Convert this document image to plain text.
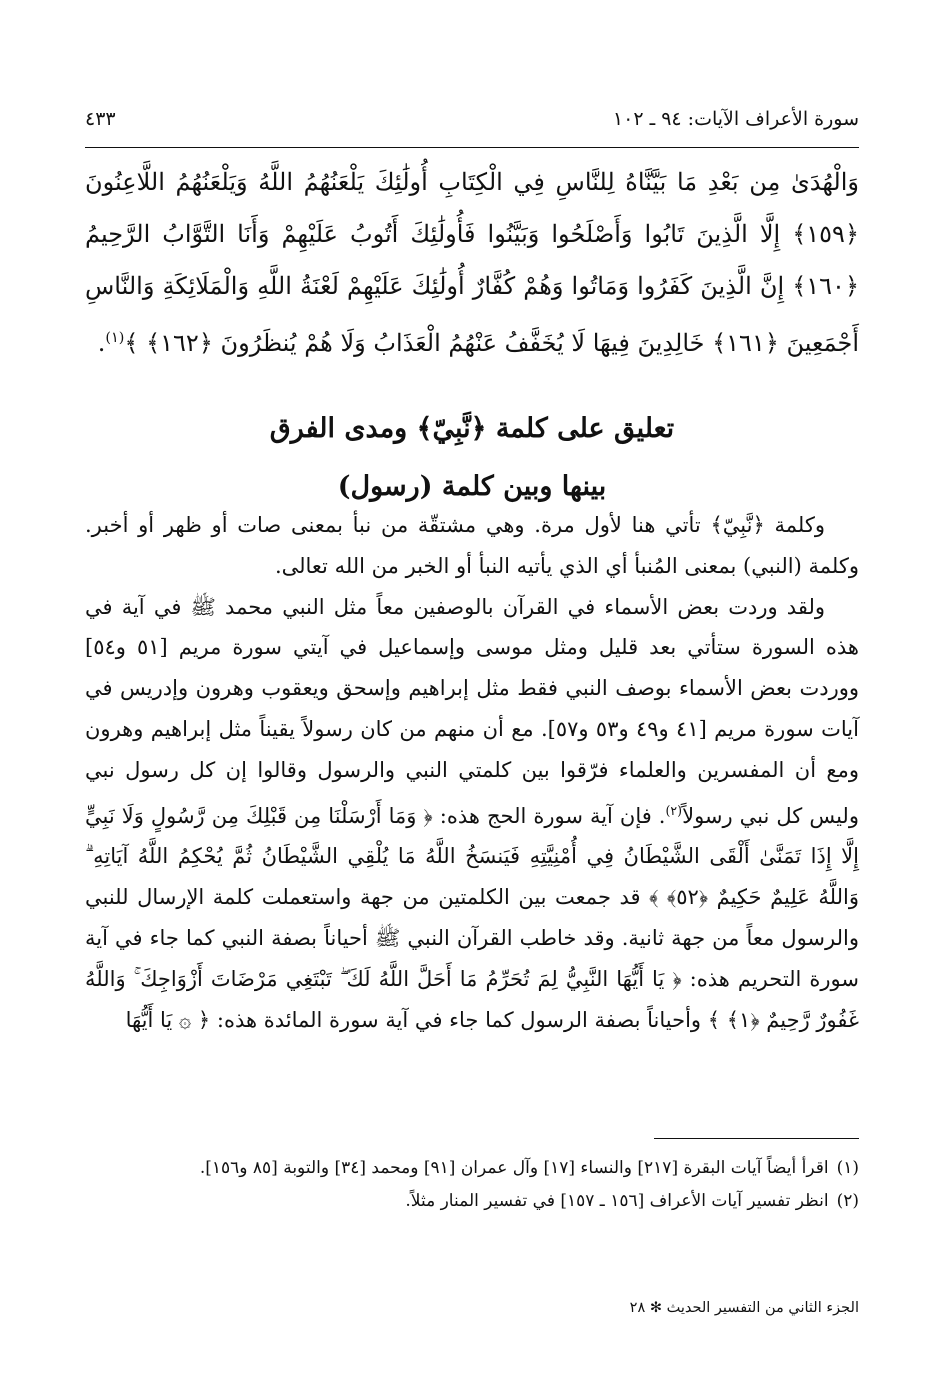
سورة الأعراف الآيات: ٩٤ ـ ١٠٢
٤٣٣
وَالْهُدَىٰ مِن بَعْدِ مَا بَيَّنَّاهُ لِلنَّاسِ فِي الْكِتَابِ أُولَٰئِكَ يَلْعَنُهُمُ اللَّهُ وَيَلْعَنُهُمُ اللَّاعِنُونَ ﴿١٥٩﴾ إِلَّا الَّذِينَ تَابُوا وَأَصْلَحُوا وَبَيَّنُوا فَأُولَٰئِكَ أَتُوبُ عَلَيْهِمْ وَأَنَا التَّوَّابُ الرَّحِيمُ ﴿١٦٠﴾ إِنَّ الَّذِينَ كَفَرُوا وَمَاتُوا وَهُمْ كُفَّارٌ أُولَٰئِكَ عَلَيْهِمْ لَعْنَةُ اللَّهِ وَالْمَلَائِكَةِ وَالنَّاسِ أَجْمَعِينَ ﴿١٦١﴾ خَالِدِينَ فِيهَا لَا يُخَفَّفُ عَنْهُمُ الْعَذَابُ وَلَا هُمْ يُنظَرُونَ ﴿١٦٢﴾ ﴾$^{(١)}$.
تعليق على كلمة ﴿نَّبِيّ﴾ ومدى الفرق
بينها وبين كلمة (رسول)

وكلمة ﴿نَّبِيّ﴾ تأتي هنا لأول مرة. وهي مشتقّة من نبأ بمعنى صات أو ظهر أو أخبر. وكلمة (النبي) بمعنى المُنبأ أي الذي يأتيه النبأ أو الخبر من الله تعالى.

ولقد وردت بعض الأسماء في القرآن بالوصفين معاً مثل النبي محمد ﷺ في آية في هذه السورة ستأتي بعد قليل ومثل موسى وإسماعيل في آيتي سورة مريم [٥١ و٥٤] ووردت بعض الأسماء بوصف النبي فقط مثل إبراهيم وإسحق ويعقوب وهرون وإدريس في آيات سورة مريم [٤١ و٤٩ و٥٣ و٥٧]. مع أن منهم من كان رسولاً يقيناً مثل إبراهيم وهرون ومع أن المفسرين والعلماء فرّقوا بين كلمتي النبي والرسول وقالوا إن كل رسول نبي وليس كل نبي رسولاً$^{(٢)}$. فإن آية سورة الحج هذه: ﴿ وَمَا أَرْسَلْنَا مِن قَبْلِكَ مِن رَّسُولٍ وَلَا نَبِيٍّ إِلَّا إِذَا تَمَنَّىٰ أَلْقَى الشَّيْطَانُ فِي أُمْنِيَّتِهِ فَيَنسَخُ اللَّهُ مَا يُلْقِي الشَّيْطَانُ ثُمَّ يُحْكِمُ اللَّهُ آيَاتِهِ ۗ وَاللَّهُ عَلِيمٌ حَكِيمٌ ﴿٥٢﴾ ﴾ قد جمعت بين الكلمتين من جهة واستعملت كلمة الإرسال للنبي والرسول معاً من جهة ثانية. وقد خاطب القرآن النبي ﷺ أحياناً بصفة النبي كما جاء في آية سورة التحريم هذه: ﴿ يَا أَيُّهَا النَّبِيُّ لِمَ تُحَرِّمُ مَا أَحَلَّ اللَّهُ لَكَ ۖ تَبْتَغِي مَرْضَاتَ أَزْوَاجِكَ ۚ وَاللَّهُ غَفُورٌ رَّحِيمٌ ﴿١﴾ ﴾ وأحياناً بصفة الرسول كما جاء في آية سورة المائدة هذه: ﴿ ۞ يَا أَيُّهَا

(١)اقرأ أيضاً آيات البقرة [٢١٧] والنساء [١٧] وآل عمران [٩١] ومحمد [٣٤] والتوبة [٨٥ و١٥٦].

(٢)انظر تفسير آيات الأعراف [١٥٦ ـ ١٥٧] في تفسير المنار مثلاً.

الجزء الثاني من التفسير الحديث ✻ ٢٨
